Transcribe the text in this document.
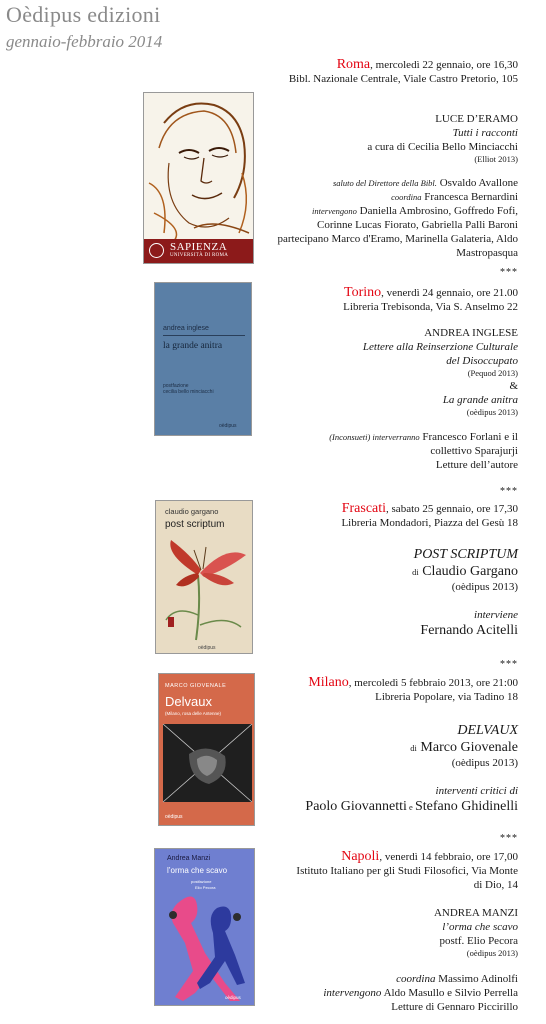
Oèdipus edizioni
gennaio-febbraio 2014
SAPIENZA
UNIVERSITÀ DI ROMA
Roma, mercoledì 22 gennaio, ore 16,30
Bibl. Nazionale Centrale, Viale Castro Pretorio, 105
LUCE D’ERAMO
Tutti i racconti
a cura di Cecilia Bello Minciacchi
(Elliot 2013)
saluto del Direttore della Bibl. Osvaldo Avallone
coordina Francesca Bernardini
intervengono Daniella Ambrosino, Goffredo Fofi,
Corinne Lucas Fiorato, Gabriella Palli Baroni
partecipano Marco d'Eramo, Marinella Galateria, Aldo
Mastropasqua
***
andrea inglese
la grande anitra
postfazione
cecilia bello minciacchi
oèdipus
Torino, venerdì 24 gennaio, ore 21.00
Libreria Trebisonda, Via S. Anselmo 22
ANDREA INGLESE
Lettere alla Reinserzione Culturale
del Disoccupato
(Pequod 2013)
&
La grande anitra
(oèdipus 2013)
(Inconsueti) interverranno Francesco Forlani e il
collettivo Sparajurji
Letture dell’autore
***
claudio gargano
post scriptum
oèdipus
Frascati, sabato 25 gennaio, ore 17,30
Libreria Mondadori, Piazza del Gesù 18
POST SCRIPTUM
di Claudio Gargano
(oèdipus 2013)
interviene
Fernando Acitelli
***
MARCO GIOVENALE
Delvaux
(Milano, rosa delle Antenne)
oèdipus
Milano, mercoledì 5 febbraio 2013, ore 21:00
Libreria Popolare, via Tadino 18
DELVAUX
di Marco Giovenale
(oèdipus 2013)
interventi critici di
Paolo Giovannetti e Stefano Ghidinelli
***
Andrea Manzi
l’orma che scavo
postfazione
Elio Pecora
oèdipus
Napoli, venerdì 14 febbraio, ore 17,00
Istituto Italiano per gli Studi Filosofici, Via Monte
di Dio, 14
ANDREA MANZI
l’orma che scavo
postf. Elio Pecora
(oèdipus 2013)
coordina Massimo Adinolfi
intervengono Aldo Masullo e Silvio Perrella
Letture di Gennaro Piccirillo
